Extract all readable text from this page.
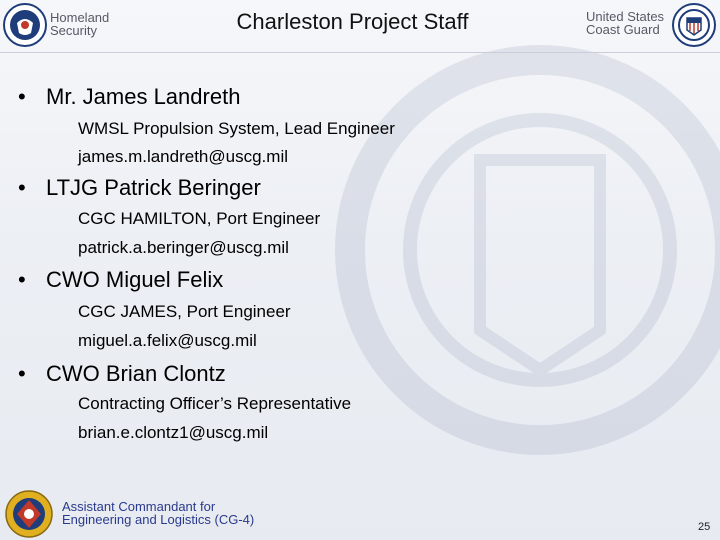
Homeland
Security	Charleston Project Staff	United States
Coast Guard
• Mr. James Landreth
WMSL Propulsion System, Lead Engineer
james.m.landreth@uscg.mil
• LTJG Patrick Beringer
CGC HAMILTON, Port Engineer
patrick.a.beringer@uscg.mil
• CWO Miguel Felix
CGC JAMES, Port Engineer
miguel.a.felix@uscg.mil
• CWO Brian Clontz
Contracting Officer’s Representative
brian.e.clontz1@uscg.mil
Assistant Commandant for
Engineering and Logistics (CG-4)	25
